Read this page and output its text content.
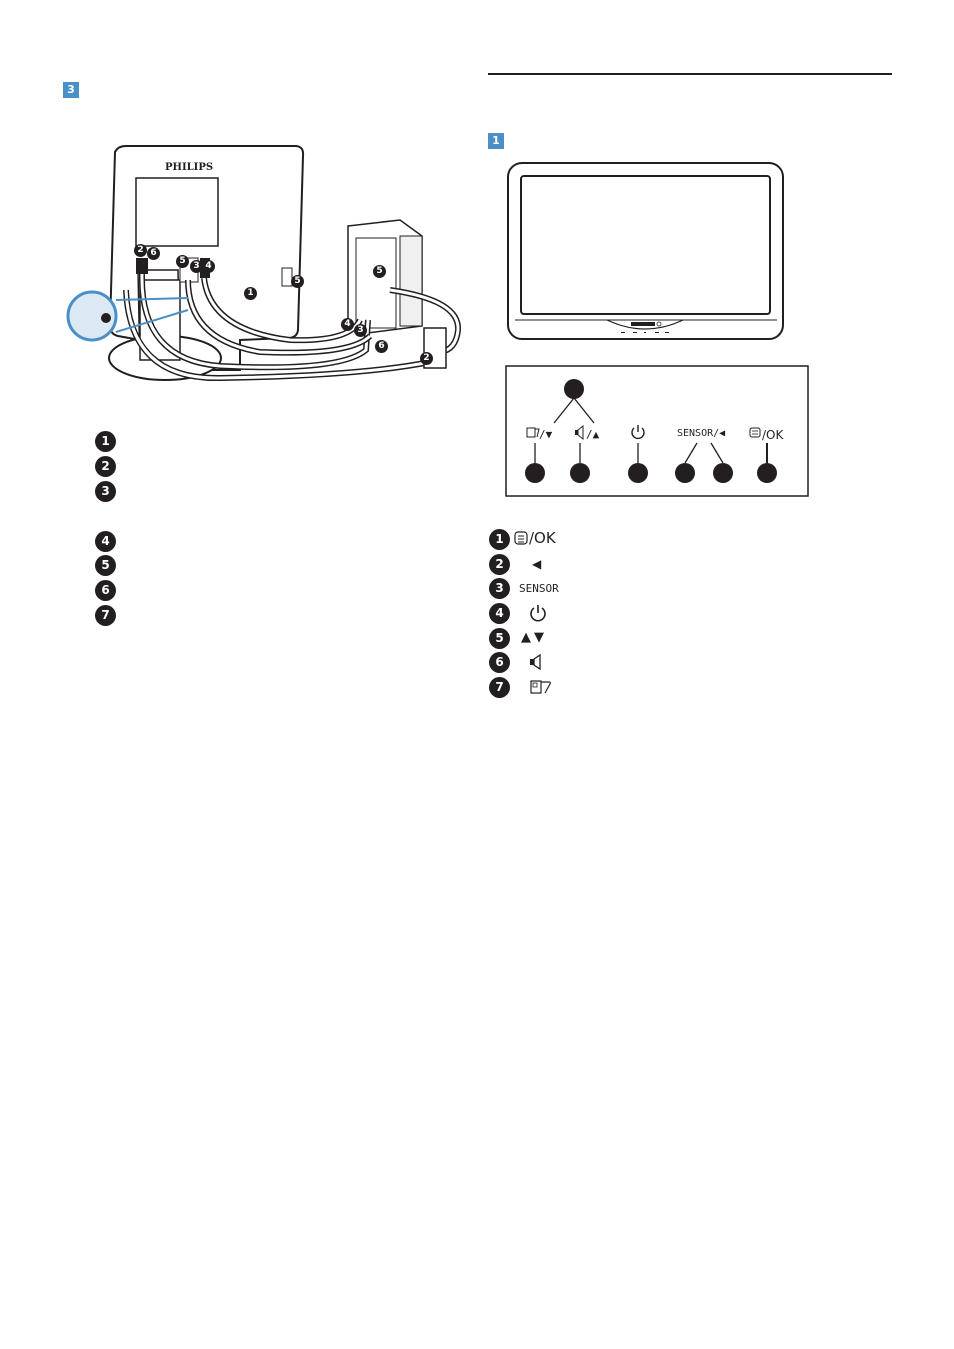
3
1
PHILIPS
1
2 6
5 3 4
5
5
4
3
6
2
1
2
3
4
5
6
7
/▼	/▲	SENSOR/◀	/OK
1	/OK
2	◀
3	SENSOR
4
5	▲▼
6
7
